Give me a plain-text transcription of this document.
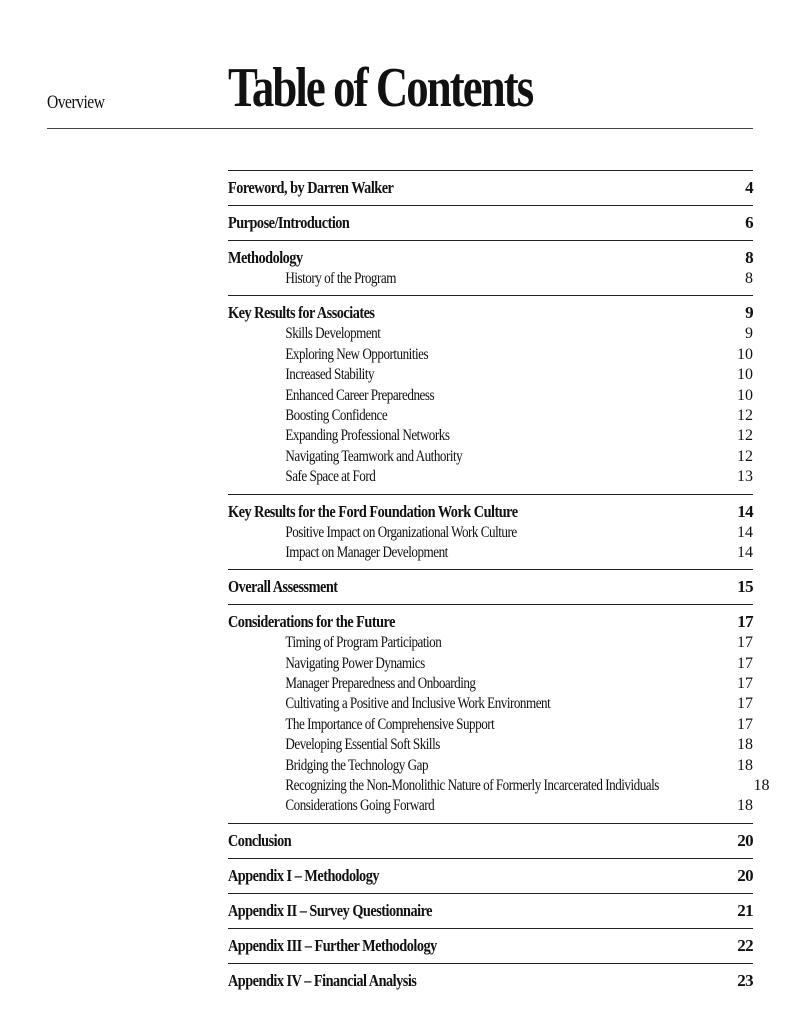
Overview Table of Contents
Foreword, by Darren Walker	4
Purpose/Introduction	6
Methodology	8
History of the Program	8
Key Results for Associates	9
Skills Development	9
Exploring New Opportunities	10
Increased Stability	10
Enhanced Career Preparedness	10
Boosting Confidence	12
Expanding Professional Networks	12
Navigating Teamwork and Authority	12
Safe Space at Ford	13
Key Results for the Ford Foundation Work Culture	14
Positive Impact on Organizational Work Culture	14
Impact on Manager Development	14
Overall Assessment	15
Considerations for the Future	17
Timing of Program Participation	17
Navigating Power Dynamics	17
Manager Preparedness and Onboarding	17
Cultivating a Positive and Inclusive Work Environment	17
The Importance of Comprehensive Support	17
Developing Essential Soft Skills	18
Bridging the Technology Gap	18
Recognizing the Non-Monolithic Nature of Formerly Incarcerated Individuals	18
Considerations Going Forward	18
Conclusion	20
Appendix I – Methodology	20
Appendix II – Survey Questionnaire	21
Appendix III – Further Methodology	22
Appendix IV – Financial Analysis	23
